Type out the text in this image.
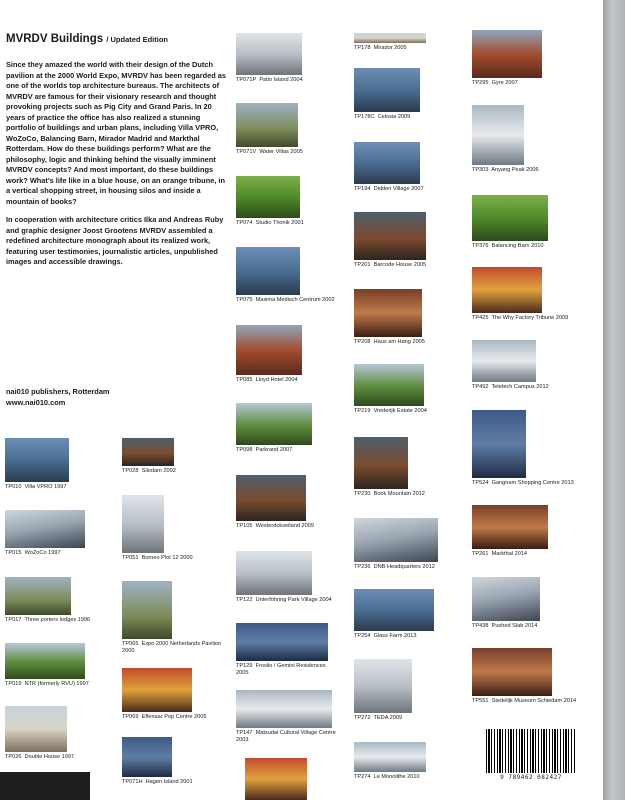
MVRDV Buildings / Updated Edition

Since they amazed the world with their design of the Dutch pavilion at the 2000 World Expo, MVRDV has been regarded as one of the worlds top architecture bureaus. The architects of MVRDV are famous for their visionary research and thought provoking projects such as Pig City and Grand Paris. In 20 years of practice the office has also realized a stunning portfolio of buildings and urban plans, including Villa VPRO, WoZoCo, Balancing Barn, Mirador Madrid and Markthal Rotterdam. How do these buildings perform? What are the philosophy, logic and thinking behind the visually imminent MVRDV concepts? And most important, do these buildings work? What's life like in a blue house, on an orange tribune, in a vertical shopping street, in housing silos and inside a mountain of books?

In cooperation with architecture critics Ilka and Andreas Ruby and graphic designer Joost Grootens MVRDV assembled a redefined architecture monograph about its realized work, featuring user testimonies, journalistic articles, unpublished images and accessible drawings.

nai010 publishers, Rotterdam
www.nai010.com
TP010 Villa VPRO 1997
TP015 WoZoCo 1997
TP017 Three porters lodges 1996
TP019 NTR (formerly RVU) 1997
TP026 Double House 1997
TP028 Silodam 2002
TP051 Borneo Plot 12 2000
TP065 Expo 2000 Netherlands Pavilion 2000
TP069 Effenaar Pop Centre 2005
TP071H Hagen Island 2001
TP071P Patio Island 2004
TP071V Water Villas 2005
TP074 Studio Thonik 2001
TP075 Maxima Medisch Centrum 2002
TP085 Lloyd Hotel 2004
TP098 Parkrand 2007
TP105 Westerdokseiland 2009
TP122 Unterföhring Park Village 2004
TP129 Frosilo / Gemini Residences 2005
TP147 Matsudai Cultural Village Centre 2003
TP178 Mirador 2005
TP178C Celosia 2009
TP194 Didden Village 2007
TP201 Barcode House 2005
TP208 Haus am Hang 2005
TP219 Vrederijk Estate 2004
TP230 Book Mountain 2012
TP236 DNB Headquarters 2012
TP254 Glass Farm 2013
TP272 TEDA 2009
TP274 Le Monolithe 2010
TP295 Gyre 2007
TP303 Anyang Peak 2006
TP376 Balancing Barn 2010
TP425 The Why Factory Tribune 2009
TP492 Teletech Campus 2012
TP524 Gangnam Shopping Centre 2013
TP261 Markthal 2014
TP438 Pushed Slab 2014
TP551 Stedelijk Museum Schiedam 2014
9 789462 082427
